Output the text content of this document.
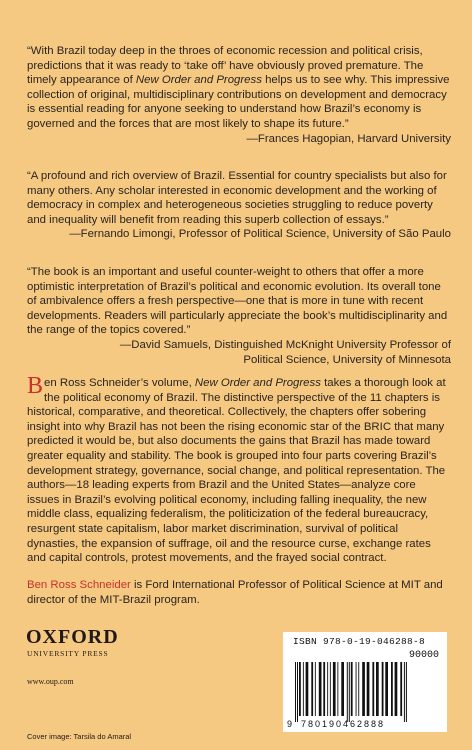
“With Brazil today deep in the throes of economic recession and political crisis, predictions that it was ready to ‘take off’ have obviously proved premature. The timely appearance of New Order and Progress helps us to see why. This impressive collection of original, multidisciplinary contributions on development and democracy is essential reading for anyone seeking to understand how Brazil’s economy is governed and the forces that are most likely to shape its future.”
—Frances Hagopian, Harvard University

“A profound and rich overview of Brazil. Essential for country specialists but also for many others. Any scholar interested in economic development and the working of democracy in complex and heterogeneous societies struggling to reduce poverty and inequality will benefit from reading this superb collection of essays.”
—Fernando Limongi, Professor of Political Science, University of São Paulo

“The book is an important and useful counter-weight to others that offer a more optimistic interpretation of Brazil’s political and economic evolution. Its overall tone of ambivalence offers a fresh perspective—one that is more in tune with recent developments. Readers will particularly appreciate the book’s multidisciplinarity and the range of the topics covered.”
—David Samuels, Distinguished McKnight University Professor of
Political Science, University of Minnesota

Ben Ross Schneider’s volume, New Order and Progress takes a thorough look at the political economy of Brazil. The distinctive perspective of the 11 chapters is historical, comparative, and theoretical. Collectively, the chapters offer sobering insight into why Brazil has not been the rising economic star of the BRIC that many predicted it would be, but also documents the gains that Brazil has made toward greater equality and stability. The book is grouped into four parts covering Brazil’s development strategy, governance, social change, and political representation. The authors—18 leading experts from Brazil and the United States—analyze core issues in Brazil’s evolving political economy, including falling inequality, the new middle class, equalizing federalism, the politicization of the federal bureaucracy, resurgent state capitalism, labor market discrimination, survival of political dynasties, the expansion of suffrage, oil and the resource curse, exchange rates and capital controls, protest movements, and the frayed social contract.

Ben Ross Schneider is Ford International Professor of Political Science at MIT and director of the MIT-Brazil program.

OXFORD
UNIVERSITY PRESS
www.oup.com
Cover image: Tarsila do Amaral
ISBN 978-0-19-046288-8
90000
9 780190 462888
